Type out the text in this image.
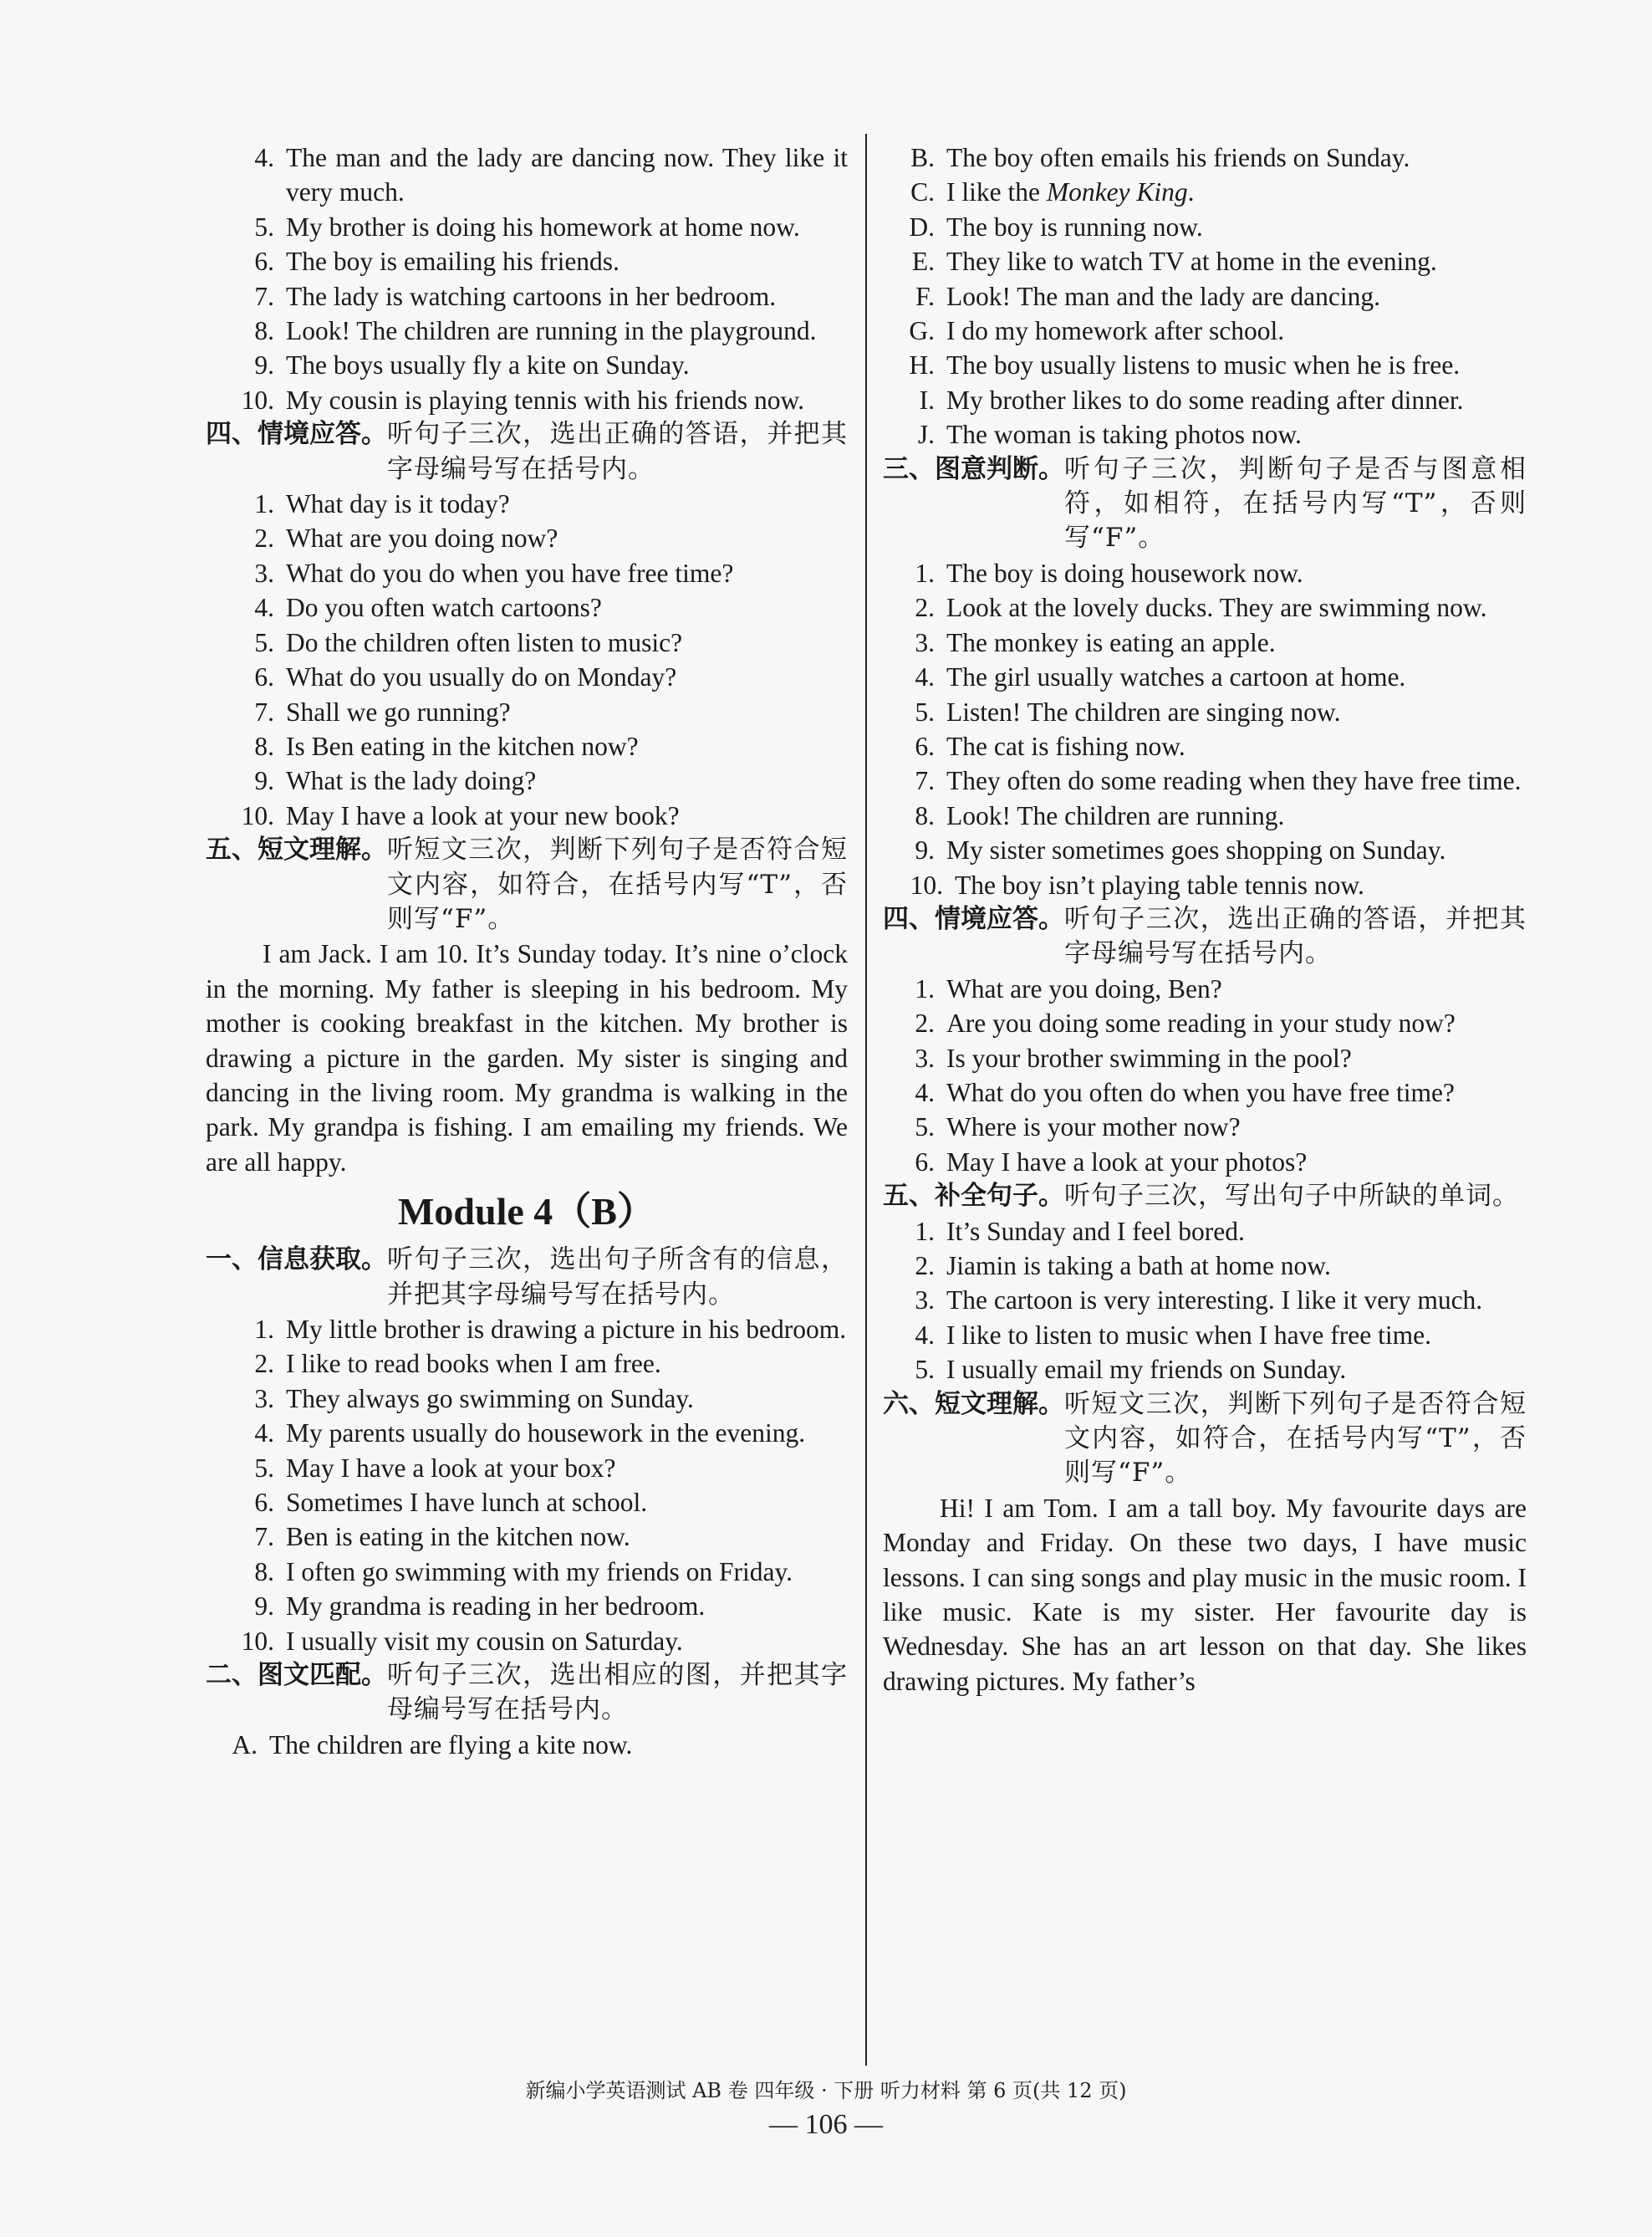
4. The man and the lady are dancing now. They like it very much.
5. My brother is doing his homework at home now.
6. The boy is emailing his friends.
7. The lady is watching cartoons in her bedroom.
8. Look! The children are running in the playground.
9. The boys usually fly a kite on Sunday.
10. My cousin is playing tennis with his friends now.
四、情境应答。 听句子三次，选出正确的答语，并把其字母编号写在括号内。
1. What day is it today?
2. What are you doing now?
3. What do you do when you have free time?
4. Do you often watch cartoons?
5. Do the children often listen to music?
6. What do you usually do on Monday?
7. Shall we go running?
8. Is Ben eating in the kitchen now?
9. What is the lady doing?
10. May I have a look at your new book?
五、短文理解。 听短文三次，判断下列句子是否符合短文内容，如符合，在括号内写“T”，否则写“F”。
I am Jack. I am 10. It’s Sunday today. It’s nine o’clock in the morning. My father is sleeping in his bedroom. My mother is cooking breakfast in the kitchen. My brother is drawing a picture in the garden. My sister is singing and dancing in the living room. My grandma is walking in the park. My grandpa is fishing. I am emailing my friends. We are all happy.
Module 4（B）
一、信息获取。 听句子三次，选出句子所含有的信息，并把其字母编号写在括号内。
1. My little brother is drawing a picture in his bedroom.
2. I like to read books when I am free.
3. They always go swimming on Sunday.
4. My parents usually do housework in the evening.
5. May I have a look at your box?
6. Sometimes I have lunch at school.
7. Ben is eating in the kitchen now.
8. I often go swimming with my friends on Friday.
9. My grandma is reading in her bedroom.
10. I usually visit my cousin on Saturday.
二、图文匹配。 听句子三次，选出相应的图，并把其字母编号写在括号内。
A. The children are flying a kite now.
B. The boy often emails his friends on Sunday.
C. I like the Monkey King.
D. The boy is running now.
E. They like to watch TV at home in the evening.
F. Look! The man and the lady are dancing.
G. I do my homework after school.
H. The boy usually listens to music when he is free.
I. My brother likes to do some reading after dinner.
J. The woman is taking photos now.
三、图意判断。 听句子三次，判断句子是否与图意相符，如相符，在括号内写“T”，否则写“F”。
1. The boy is doing housework now.
2. Look at the lovely ducks. They are swimming now.
3. The monkey is eating an apple.
4. The girl usually watches a cartoon at home.
5. Listen! The children are singing now.
6. The cat is fishing now.
7. They often do some reading when they have free time.
8. Look! The children are running.
9. My sister sometimes goes shopping on Sunday.
10. The boy isn’t playing table tennis now.
四、情境应答。 听句子三次，选出正确的答语，并把其字母编号写在括号内。
1. What are you doing, Ben?
2. Are you doing some reading in your study now?
3. Is your brother swimming in the pool?
4. What do you often do when you have free time?
5. Where is your mother now?
6. May I have a look at your photos?
五、补全句子。 听句子三次，写出句子中所缺的单词。
1. It’s Sunday and I feel bored.
2. Jiamin is taking a bath at home now.
3. The cartoon is very interesting. I like it very much.
4. I like to listen to music when I have free time.
5. I usually email my friends on Sunday.
六、短文理解。 听短文三次，判断下列句子是否符合短文内容，如符合，在括号内写“T”，否则写“F”。
Hi! I am Tom. I am a tall boy. My favourite days are Monday and Friday. On these two days, I have music lessons. I can sing songs and play music in the music room. I like music. Kate is my sister. Her favourite day is Wednesday. She has an art lesson on that day. She likes drawing pictures. My father’s
新编小学英语测试 AB 卷 四年级 · 下册 听力材料 第 6 页(共 12 页)
— 106 —
